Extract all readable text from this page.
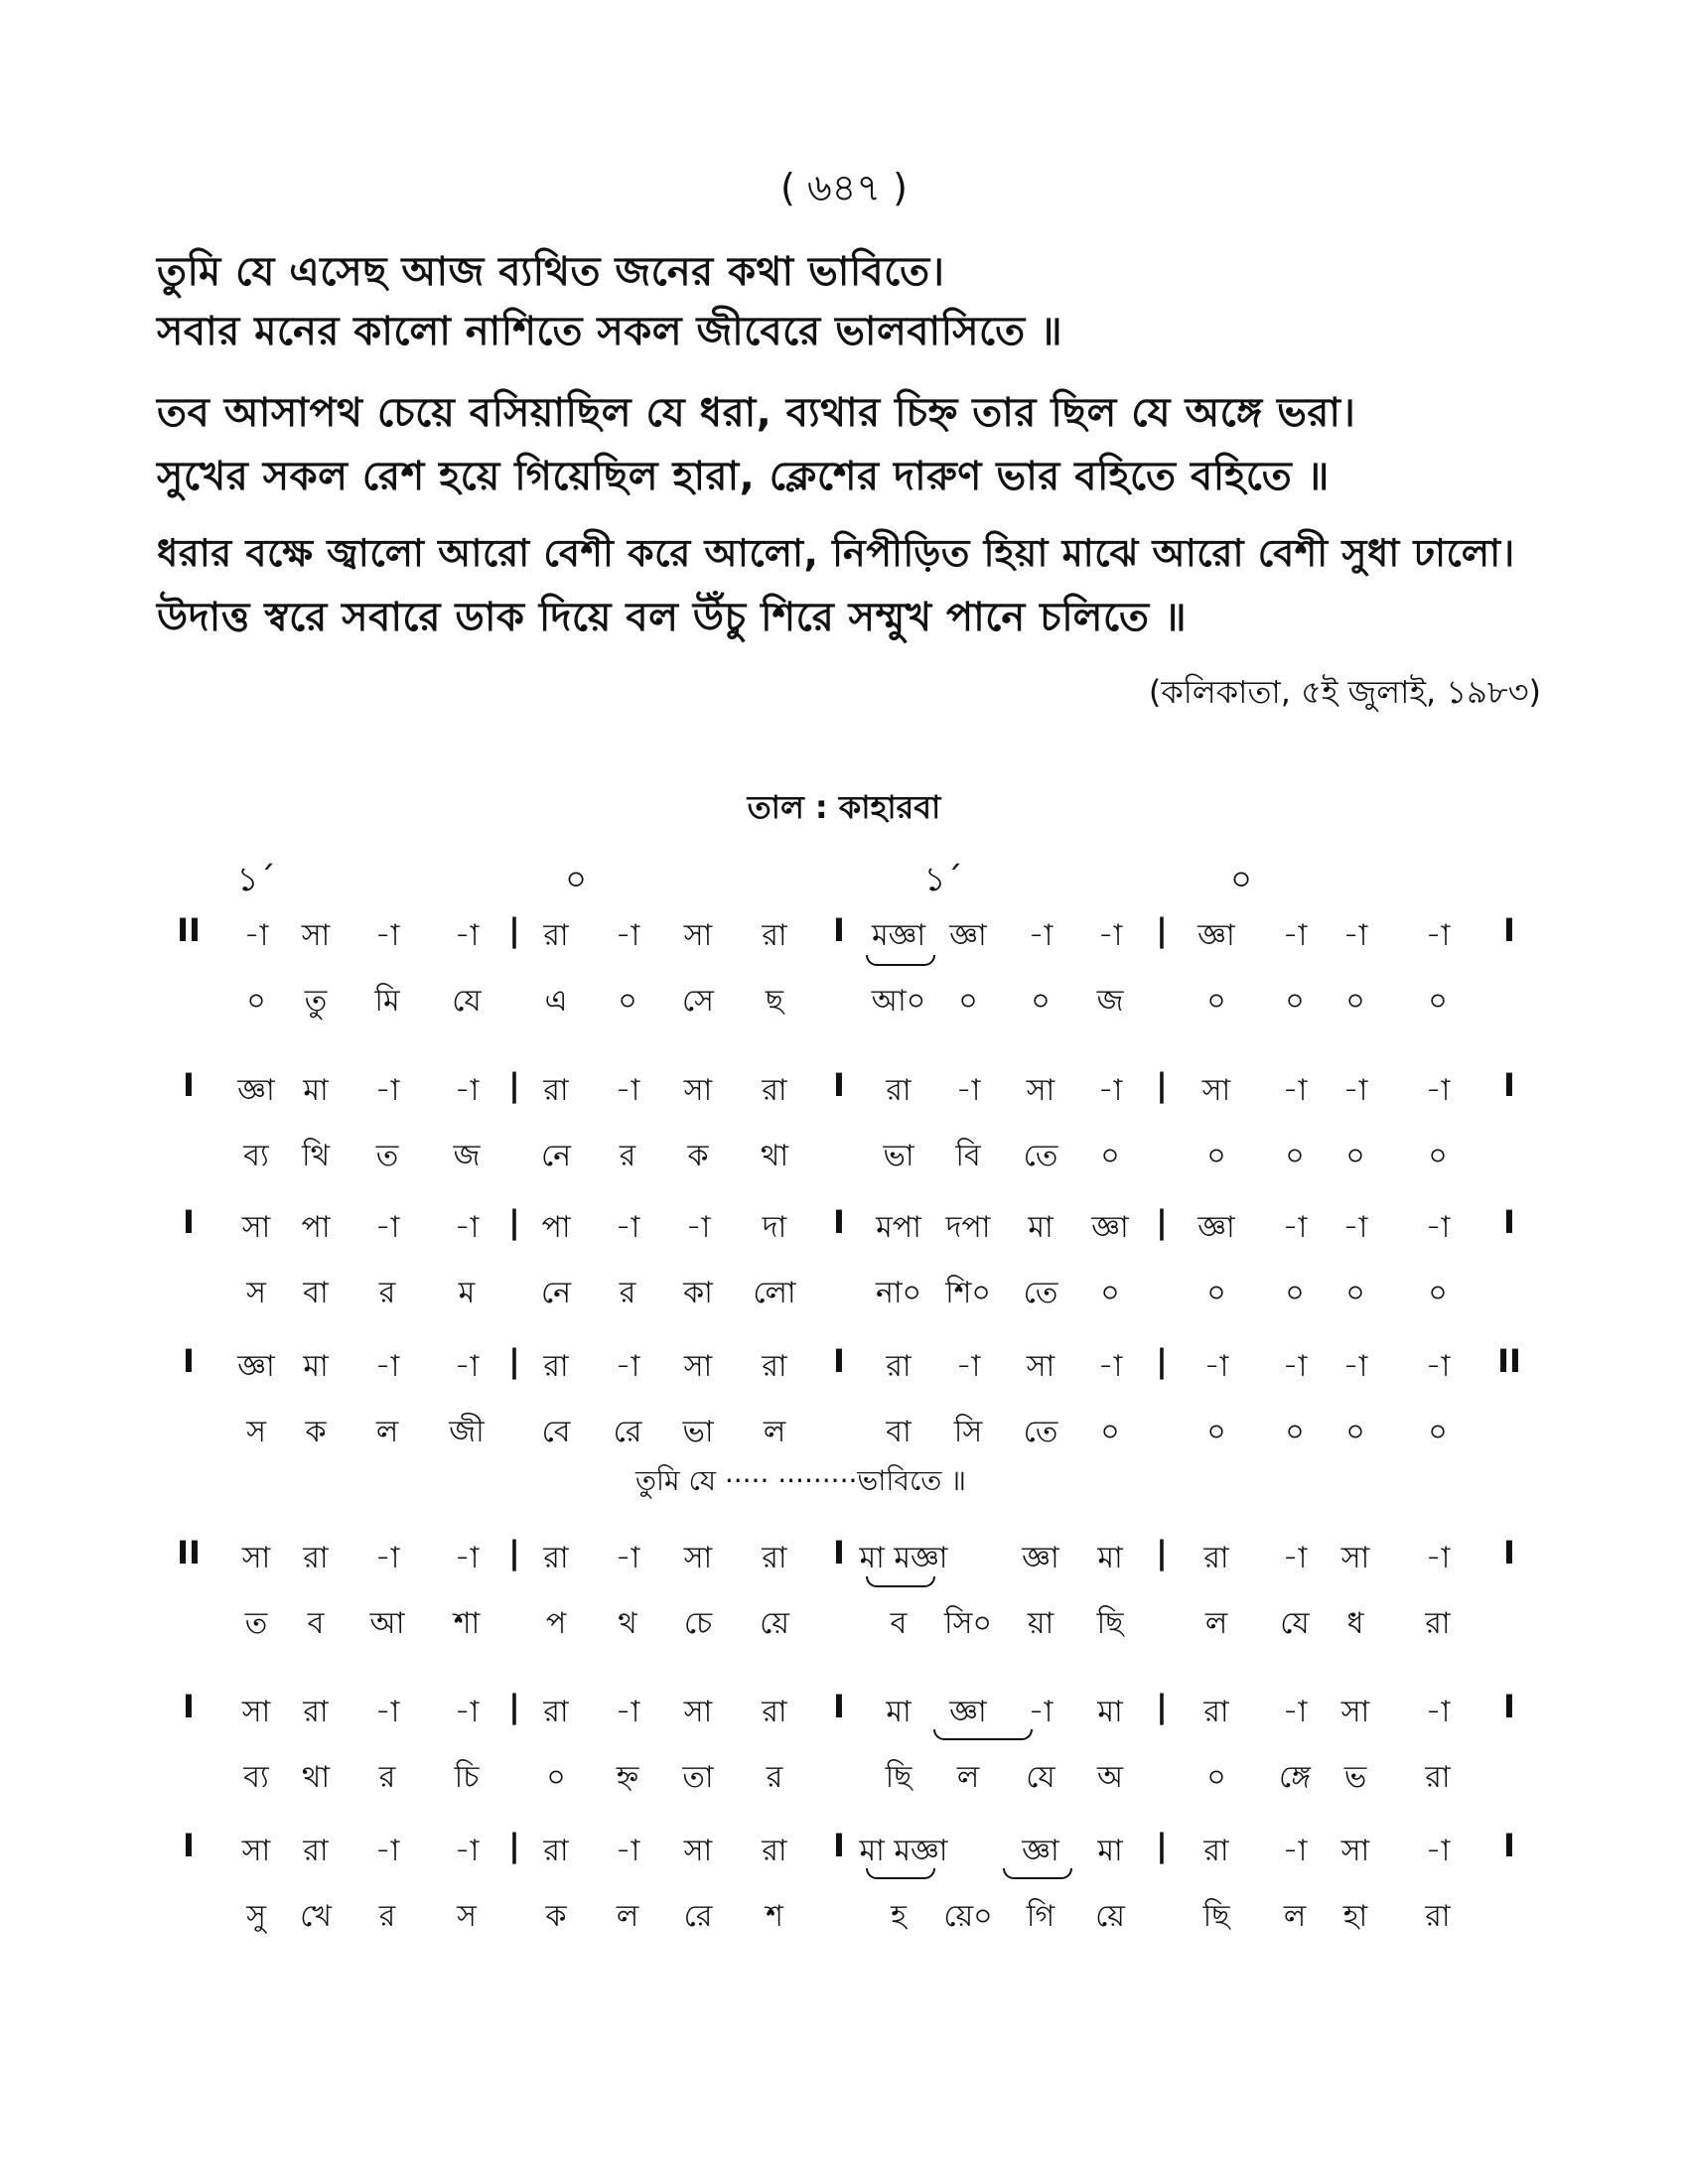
( ৬৪৭ )
তুমি যে এসেছ আজ ব্যথিত জনের কথা ভাবিতে।
সবার মনের কালো নাশিতে সকল জীবেরে ভালবাসিতে ॥
তব আসাপথ চেয়ে বসিয়াছিল যে ধরা, ব্যথার চিহ্ন তার ছিল যে অঙ্গে ভরা।
সুখের সকল রেশ হয়ে গিয়েছিল হারা, ক্লেশের দারুণ ভার বহিতে বহিতে ॥
ধরার বক্ষে জ্বালো আরো বেশী করে আলো, নিপীড়িত হিয়া মাঝে আরো বেশী সুধা ঢালো।
উদাত্ত স্বরে সবারে ডাক দিয়ে বল উঁচু শিরে সম্মুখ পানে চলিতে ॥
(কলিকাতা, ৫ই জুলাই, ১৯৮৩)
তাল : কাহারবা
১´	০	১´	০
II -া সা -া -া | রা -া সা রা I মজ্ঞা জ্ঞা -া -া | জ্ঞা -া -া -া I
০ তু মি যে এ ০ সে ছ	আ০ ০ ০ জ	০ ০ ০ ০
I জ্ঞা মা -া -া | রা -া সা রা I রা -া সা -া | সা -া -া -া I
ব্য থি ত জ নে র ক থা	ভা বি তে ০	০ ০ ০ ০
I সা পা -া -া | পা -া -া দা I মপা দপা মা জ্ঞা | জ্ঞা -া -া -া I
স বা র ম নে র কা লো	না০ শি০ তে ০	০ ০ ০ ০
I জ্ঞা মা -া -া | রা -া সা রা I রা -া সা -া | -া -া -া -া II
স ক ল জী বে রে ভা ল	বা সি তে ০	০ ০ ০ ০
II সা রা -া -া | রা -া সা রা I মা মজ্ঞা জ্ঞা মা | রা -া সা -া I
ত ব আ শা প থ চে য়ে	ব সি০ য়া ছি	ল যে ধ রা
I সা রা -া -া | রা -া সা রা I মা জ্ঞা -া মা | রা -া সা -া I
ব্য থা র চি ০ হ্ন তা র	ছি ল যে অ	০ ঙ্গে ভ রা
I সা রা -া -া | রা -া সা রা I মা মজ্ঞা জ্ঞা মা | রা -া সা -া I
সু খে র স ক ল রে শ	হ য়ে০ গি য়ে	ছি ল হা রা
তুমি যে ····· ·········ভাবিতে ॥
